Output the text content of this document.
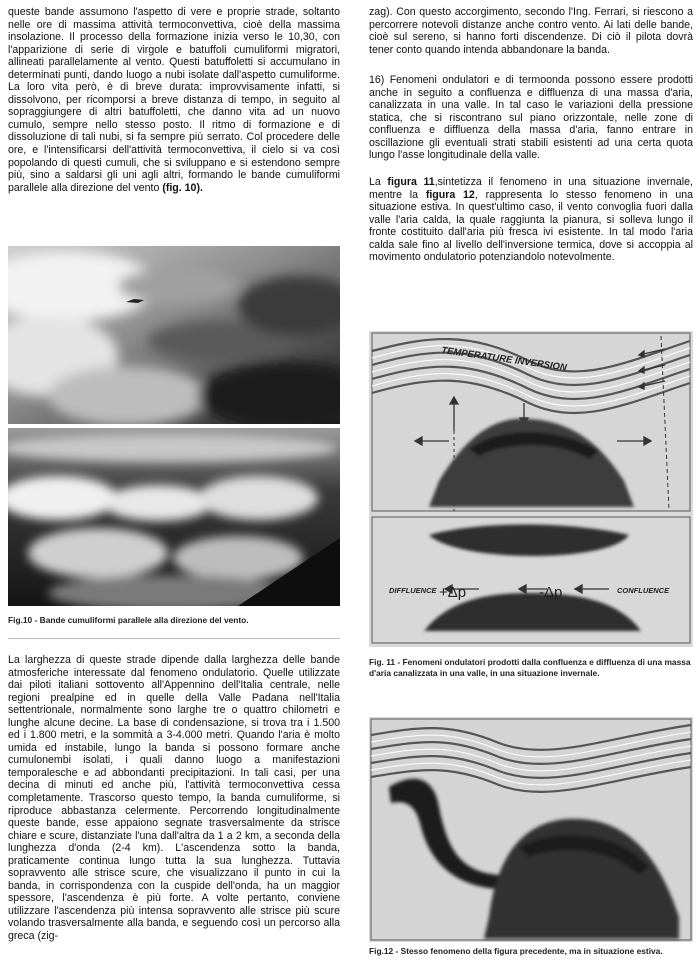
queste bande assumono l'aspetto di vere e proprie strade, soltanto nelle ore di massima attività termoconvettiva, cioè della massima insolazione. Il processo della formazione inizia verso le 10,30, con l'apparizione di serie di virgole e batuffoli cumuliformi migratori, allineati parallelamente al vento. Questi batuffoletti si accumulano in determinati punti, dando luogo a nubi isolate dall'aspetto cumuliforme. La loro vita però, è di breve durata: improvvisamente infatti, si dissolvono, per ricomporsi a breve distanza di tempo, in seguito al sopraggiungere di altri batuffoletti, che danno vita ad un nuovo cumulo, sempre nello stesso posto. Il ritmo di formazione e di dissoluzione di tali nubi, si fa sempre più serrato. Col procedere delle ore, e l'intensificarsi dell'attività termoconvettiva, il cielo si va così popolando di questi cumuli, che si sviluppano e si estendono sempre più, sino a saldarsi gli uni agli altri, formando le bande cumuliformi parallele alla direzione del vento (fig. 10).

Fig.10 - Bande cumuliformi parallele alla direzione del vento.

La larghezza di queste strade dipende dalla larghezza delle bande atmosferiche interessate dal fenomeno ondulatorio. Quelle utilizzate dai piloti italiani sottovento all'Appennino dell'Italia centrale, nelle regioni prealpine ed in quelle della Valle Padana nell'Italia settentrionale, normalmente sono larghe tre o quattro chilometri e lunghe alcune decine. La base di condensazione, si trova tra i 1.500 ed i 1.800 metri, e la sommità a 3-4.000 metri. Quando l'aria è molto umida ed instabile, lungo la banda si possono formare anche cumulonembi isolati, i quali danno luogo a manifestazioni temporalesche e ad abbondanti precipitazioni. In tali casi, per una decina di minuti ed anche più, l'attività termoconvettiva cessa completamente. Trascorso questo tempo, la banda cumuliforme, si riproduce abbastanza celermente. Percorrendo longitudinalmente queste bande, esse appaiono segnate trasversalmente da strisce chiare e scure, distanziate l'una dall'altra da 1 a 2 km, a seconda della lunghezza d'onda (2-4 km). L'ascendenza sotto la banda, praticamente continua lungo tutta la sua lunghezza. Tuttavia sopravvento alle strisce scure, che visualizzano il punto in cui la banda, in corrispondenza con la cuspide dell'onda, ha un maggior spessore, l'ascendenza è più forte. A volte pertanto, conviene utilizzare l'ascendenza più intensa sopravvento alle strisce più scure volando trasversalmente alla banda, e seguendo così un percorso alla greca (zig-

zag). Con questo accorgimento, secondo l'Ing. Ferrari, si riescono a percorrere notevoli distanze anche contro vento. Ai lati delle bande, cioè sul sereno, si hanno forti discendenze. Di ciò il pilota dovrà tener conto quando intenda abbandonare la banda.

16) Fenomeni ondulatori e di termoonda possono essere prodotti anche in seguito a confluenza e diffluenza di una massa d'aria, canalizzata in una valle. In tal caso le variazioni della pressione statica, che si riscontrano sul piano orizzontale, nelle zone di confluenza e diffluenza della massa d'aria, fanno entrare in oscillazione gli eventuali strati stabili esistenti ad una certa quota lungo l'asse longitudinale della valle.

La figura 11,sintetizza il fenomeno in una situazione invernale, mentre la figura 12, rappresenta lo stesso fenomeno in una situazione estiva. In quest'ultimo caso, il vento convoglia fuori dalla valle l'aria calda, la quale raggiunta la pianura, si solleva lungo il fronte costituito dall'aria più fresca ivi esistente. In tal modo l'aria calda sale fino al livello dell'inversione termica, dove si accoppia al movimento ondulatorio potenziandolo notevolmente.

TEMPERATURE INVERSION
DIFFLUENCE +Δp	-Δp	CONFLUENCE
Fig. 11 - Fenomeni ondulatori prodotti dalla confluenza e diffluenza di una massa d'aria canalizzata in una valle, in una situazione invernale.
Fig.12 - Stesso fenomeno della figura precedente, ma in situazione estiva.
